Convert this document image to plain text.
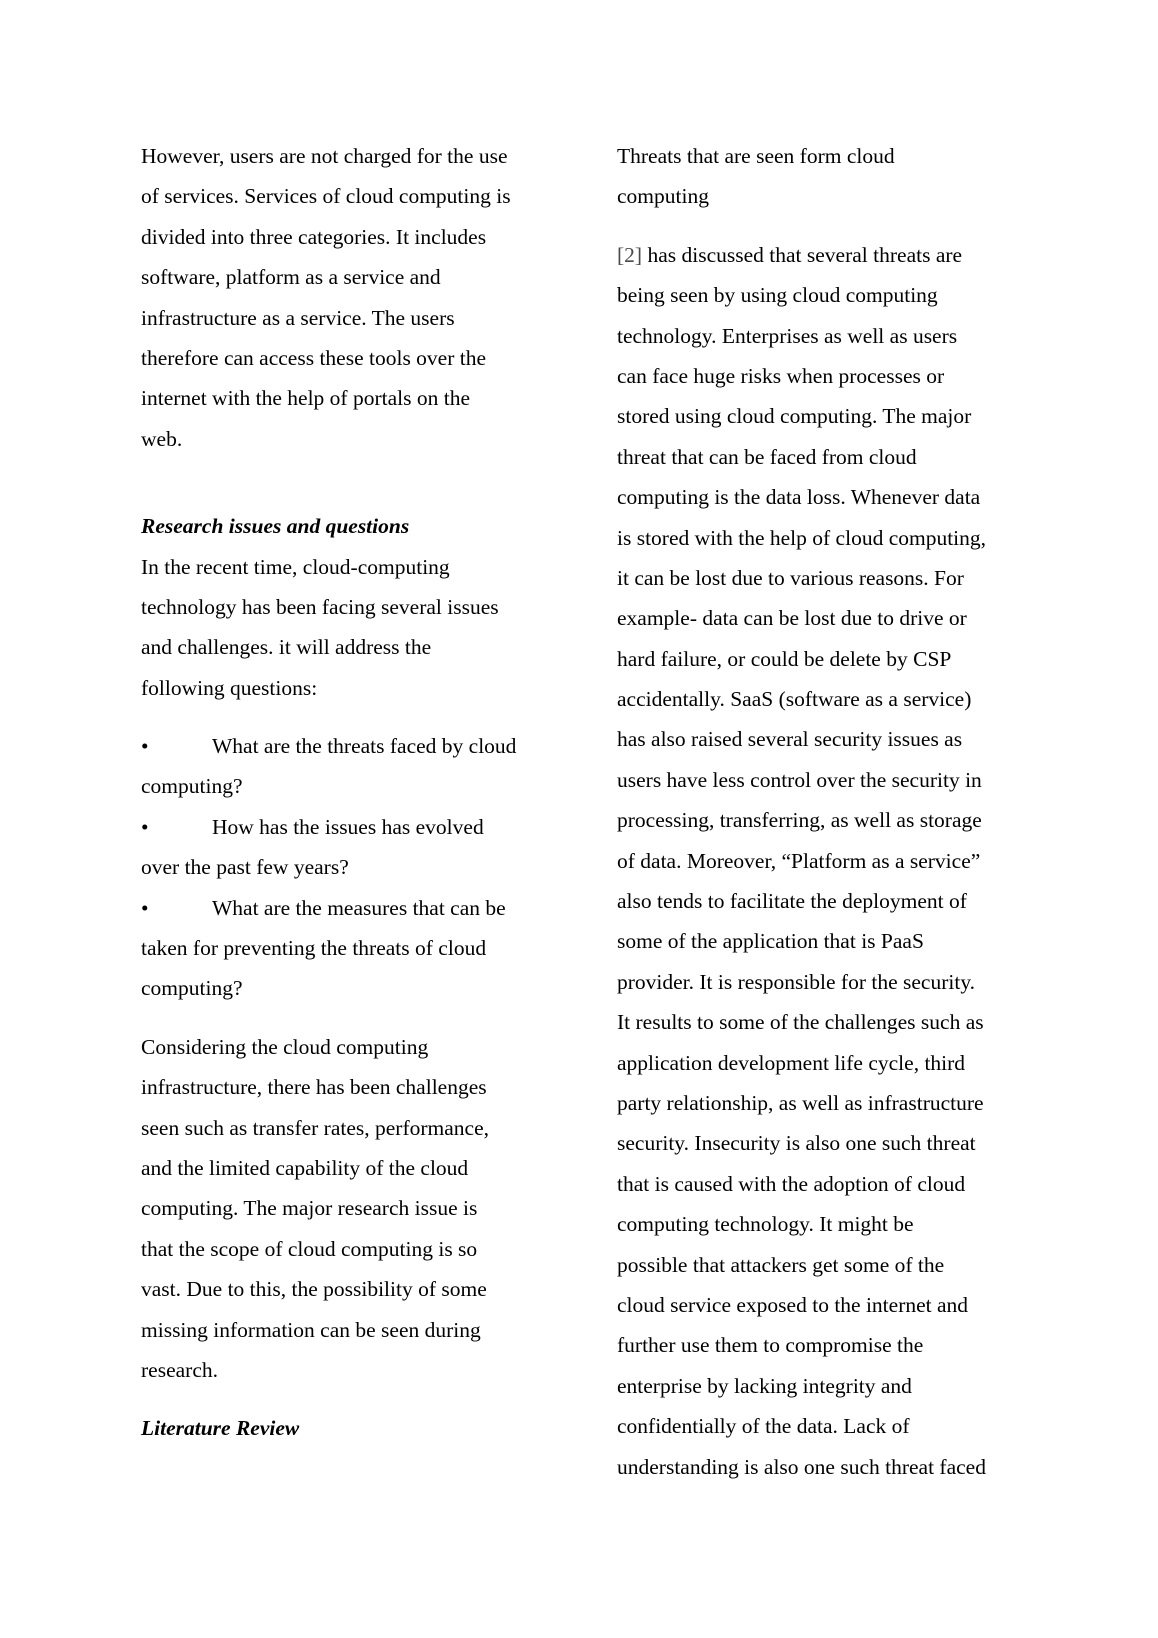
However, users are not charged for the use
of services. Services of cloud computing is
divided into three categories. It includes
software, platform as a service and
infrastructure as a service. The users
therefore can access these tools over the
internet with the help of portals on the
web.
Research issues and questions
In the recent time, cloud-computing
technology has been facing several issues
and challenges. it will address the
following questions:
•	What are the threats faced by cloud
computing?
•	How has the issues has evolved
over the past few years?
•	What are the measures that can be
taken for preventing the threats of cloud
computing?
Considering the cloud computing
infrastructure, there has been challenges
seen such as transfer rates, performance,
and the limited capability of the cloud
computing. The major research issue is
that the scope of cloud computing is so
vast. Due to this, the possibility of some
missing information can be seen during
research.
Literature Review
Threats that are seen form cloud
computing
[2] has discussed that several threats are
being seen by using cloud computing
technology. Enterprises as well as users
can face huge risks when processes or
stored using cloud computing. The major
threat that can be faced from cloud
computing is the data loss. Whenever data
is stored with the help of cloud computing,
it can be lost due to various reasons. For
example- data can be lost due to drive or
hard failure, or could be delete by CSP
accidentally. SaaS (software as a service)
has also raised several security issues as
users have less control over the security in
processing, transferring, as well as storage
of data. Moreover, “Platform as a service”
also tends to facilitate the deployment of
some of the application that is PaaS
provider. It is responsible for the security.
It results to some of the challenges such as
application development life cycle, third
party relationship, as well as infrastructure
security. Insecurity is also one such threat
that is caused with the adoption of cloud
computing technology. It might be
possible that attackers get some of the
cloud service exposed to the internet and
further use them to compromise the
enterprise by lacking integrity and
confidentially of the data. Lack of
understanding is also one such threat faced
